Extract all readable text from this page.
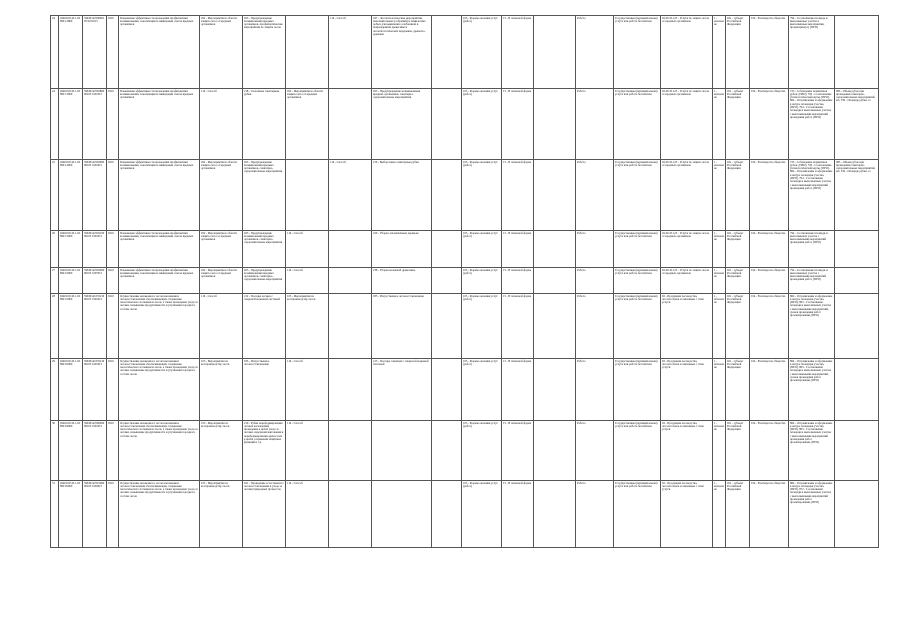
24	024010.Р.45.1.02890 12800	5963014250000105 0101015	0210	Повышение эффективности проведения профилактики возникновения, локализации и ликвидации очагов вредных организмов	022 - Мероприятия в области защиты леса от вредных организмов	023 - Предупреждение возникновения вредных организмов, профилактические мероприятия по защите лесов		116 - Способ	247 - Лесопатологические мероприятия, наполнительных (собраний) и химических добыч для выявления ослабленной и поврежденной древесины и лесопатологических перерывов, древесно-деревьев		105 - Формы оказания услуг (работ)	15 - В плановой форме		Работа	Государственная (муниципальная) услуга или работа бесплатная	02.40.10.123 - Услуги по защите лесов от вредных организмов	1 - автономно	021 - субъект Российской Федерации	014 - В интересах общества	794 - Соотношение площадь и выполненные участка в выполненные мероприятия, процент(кварт). [ПРО]	
24	024010.Р.45.1.02890 13000	5963014250280000105 0101015	0210	Повышение эффективности проведения профилактики возникновения, локализации и ликвидации очагов вредных организмов	116 - Способ	218 - Сплошные санитарные рубки	022 - Мероприятия в области защиты леса от вредных организмов		023 - Предупреждение возникновения вредных организмов, санитарно-оздоровительные мероприятия		105 - Формы оказания услуг (работ)	15 - В плановой форме		Работа	Государственная (муниципальная) услуга или работа бесплатная	02.40.10.123 - Услуги по защите лесов от вредных организмов	1 - автономно	021 - субъект Российской Федерации	014 - В интересах общества	725 - Соблюдение нормативов рубок, [ПРО], 793 - Соотношение (технологической карты, [ПРО], 864 - Отграничение и оформление в натуре площадки участка, [ПРО], 794 - Соотношение площади и выполненных участка с выполненными мероприятий проведения работ, [ПРО]	085 - Объем рубок при проведении санитарно-оздоровительных мероприятий, м3, 539 - Площадь рубки, га
25	024010.Р.45.1.02890 14000	5963014250290000105 0101015	0210	Повышение эффективности проведения профилактики возникновения, локализации и ликвидации очагов вредных организмов	022 - Мероприятия в области защиты леса от вредных организмов	023 - Предупреждение возникновения вредных организмов, санитарно-оздоровительные мероприятия		116 - Способ	219 - Выборочные санитарные рубки		105 - Формы оказания услуг (работ)	15 - В плановой форме		Работа	Государственная (муниципальная) услуга или работа бесплатная	02.40.10.123 - Услуги по защите лесов от вредных организмов	1 - автономно	021 - субъект Российской Федерации	014 - В интересах общества	725 - Соблюдение нормативов рубок, [ПРО], 793 - Соотношение (технологической карты, [ПРО], 864 - Отграничение и оформление в натуре площадки участка, [ПРО], 794 - Соотношение площади и выполненных участка с выполненными мероприятий проведения работ, [ПРО]	085 - Объем рубок при проведении санитарно-оздоровительных мероприятий, м3, 539 - Площадь рубки, га
26	024010.Р.45.1.02890 15000	5963014250210000105 0101015	0210	Повышение эффективности проведения профилактики возникновения, локализации и ликвидации очагов вредных организмов	022 - Мероприятия в области защиты леса от вредных организмов	023 - Предупреждение возникновения вредных организмов, санитарно-оздоровительные мероприятия	116 - Способ		220 - Уборка захламленных деревьев		105 - Формы оказания услуг (работ)	15 - В плановой форме		Работа	Государственная (муниципальная) услуга или работа бесплатная	02.40.10.123 - Услуги по защите лесов от вредных организмов	1 - автономно	021 - субъект Российской Федерации	014 - В интересах общества	794 - Соотношение площади и выполненных участка с выполненными мероприятий проведения работ, [ПРО]	
27	024010.Р.45.1.02890 16000	5963014250260000105 0107015	0210	Повышение эффективности проведения профилактики возникновения, локализации и ликвидации очагов вредных организмов	022 - Мероприятия в области защиты леса от вредных организмов	023 - Предупреждение возникновения вредных организмов, санитарно-оздоровительные мероприятия	116 - Способ		238 - Уборка валежной древесины		105 - Формы оказания услуг (работ)	15 - В плановой форме		Работа	Государственная (муниципальная) услуга или работа бесплатная	02.40.10.123 - Услуги по защите лесов от вредных организмов	1 - автономно	021 - субъект Российской Федерации	014 - В интересах общества	794 - Соотношение площади и выполненных участка с выполненными мероприятий проведения работ, [ПРО]	
28	024010.Р.45.1.02890 01000	5963014103521000105 0101015	0210	Осуществление незаконного лесопользования и лесовосстановления обеспечивающих сохранение экологического потенциала лесов, а также проведение ухода за лесами, повышение продуктивности и улучшения породного состава лесов	116 - Способ	212 - Посадка лесных с открытой корневой системой	013 - Мероприятия по воспроизводству лесов		035 - Искусственное лесовосстановление		105 - Формы оказания услуг (работ)	15 - В плановой форме		Работа	Государственная (муниципальная) услуга или работа бесплатная	02 - Продукция лесоводства, лесозаготовок и связанные с этим услуги	1 - автономно	021 - субъект Российской Федерации	014 - В интересах общества	864 - Отграничение и оформление в натуре площадки участка, [ПРО], 863 - Соотношение площади и выполненных участка с выполненными мероприятий, сроков проведения работ проектирования, [ПРО]	
29	024010.Р.45.1.02890 02000	5963014103521000105 0101015	0210	Осуществление незаконного лесопользования и лесовосстановления обеспечивающих сохранение экологического потенциала лесов, а также проведение ухода за лесами, повышение продуктивности и улучшения породного состава лесов	013 - Мероприятия по воспроизводству лесов	035 - Искусственное лесовосстановление	116 - Способ		213 - Посадка саженцев с закрытой корневой системой		105 - Формы оказания услуг (работ)	15 - В плановой форме		Работа	Государственная (муниципальная) услуга или работа бесплатная	02 - Продукция лесоводства, лесозаготовок и связанные с этим услуги	1 - автономно	021 - субъект Российской Федерации	014 - В интересах общества	864 - Отграничение и оформление в натуре площадки участка, [ПРО], 863 - Соотношение площади и выполненных участка с выполненными мероприятий, сроков проведения работ проектирования, [ПРО]	
30	024010.Р.45.1.02890 04000	5963014250040000105 0101015	0210	Осуществление незаконного лесопользования и лесовосстановления обеспечивающих сохранение экологического потенциала лесов, а также проведение ухода за лесами, повышение продуктивности и улучшения породного состава лесов	013 - Мероприятия по воспроизводству лесов	210 - Рубки переформирования лесных насаждений, проведение в целях ухода за лесами, переукомплектования и переформирования древостоев в целях сохранения защитных функций и т.д.	116 - Способ				105 - Формы оказания услуг (работ)	15 - В плановой форме		Работа	Государственная (муниципальная) услуга или работа бесплатная	02 - Продукция лесоводства, лесозаготовок и связанные с этим услуги	1 - автономно	021 - субъект Российской Федерации	014 - В интересах общества	864 - Отграничение и оформление в натуре площадки участка, [ПРО], 863 - Соотношение площади и выполненных участка с выполненными мероприятий проведения работ проектирования, [ПРО]	
31	024010.Р.45.1.02890 05000	5963014250100000105 0102015	0210	Осуществление незаконного лесопользования и лесовосстановления обеспечивающих сохранение экологического потенциала лесов, а также проведение ухода за лесами, повышение продуктивности и улучшения породного состава лесов	013 - Мероприятия по воспроизводству лесов	021 - Проведение естественного лесовосстановления и ухода за лесами природных процессов	116 - Способ				105 - Формы оказания услуг (работ)	15 - В плановой форме		Работа	Государственная (муниципальная) услуга или работа бесплатная	02 - Продукция лесоводства, лесозаготовок и связанные с этим услуги	1 - автономно	021 - субъект Российской Федерации	014 - В интересах общества	864 - Отграничение и оформление в натуре площадки участка, [ПРО], 872 - Соотношение площади и выполненных участка с выполненными мероприятий проведения работ проектирования, [ПРО]	
